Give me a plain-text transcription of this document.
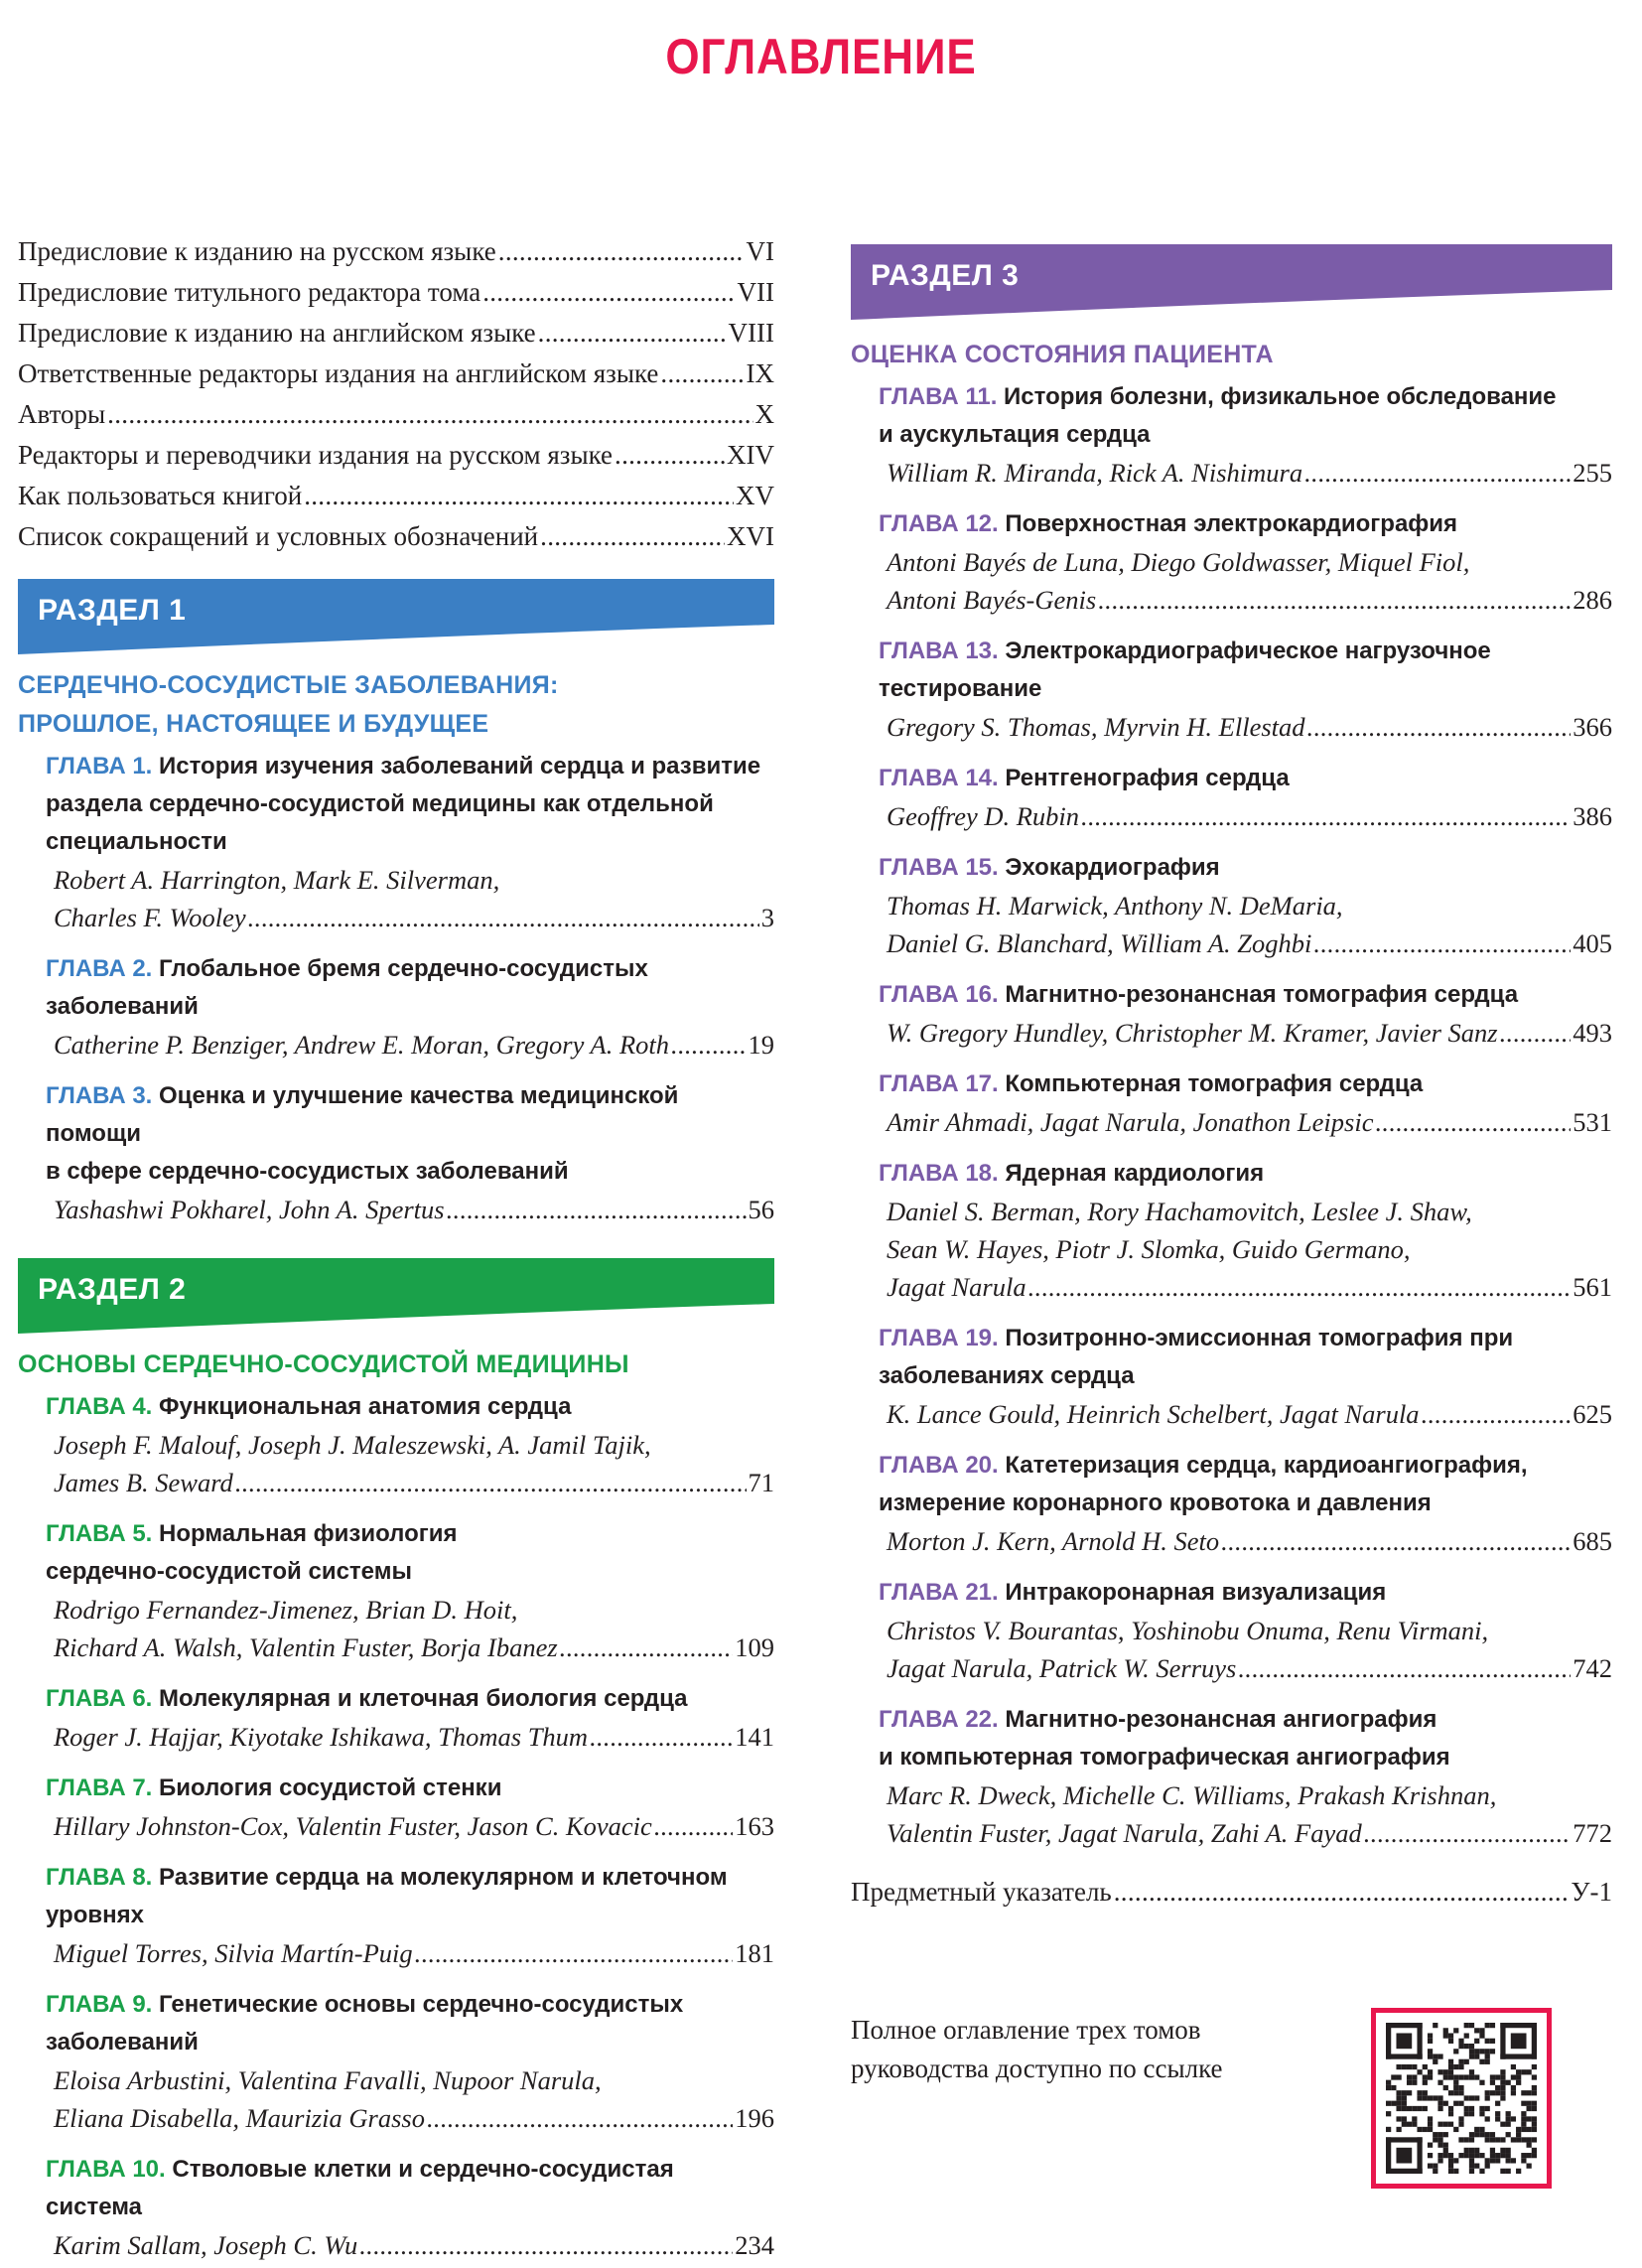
ОГЛАВЛЕНИЕ
Предисловие к изданию на русском языке .....	VI
Предисловие титульного редактора тома .....	VII
Предисловие к изданию на английском языке .....	VIII
Ответственные редакторы издания на английском языке .....	IX
Авторы .....	X
Редакторы и переводчики издания на русском языке .....	XIV
Как пользоваться книгой .....	XV
Список сокращений и условных обозначений .....	XVI
РАЗДЕЛ 1
СЕРДЕЧНО-СОСУДИСТЫЕ ЗАБОЛЕВАНИЯ:
ПРОШЛОЕ, НАСТОЯЩЕЕ И БУДУЩЕЕ
ГЛАВА 1. История изучения заболеваний сердца и развитие
раздела сердечно-сосудистой медицины как отдельной
специальности
Robert A. Harrington, Mark E. Silverman,
Charles F. Wooley .....	3
ГЛАВА 2. Глобальное бремя сердечно-сосудистых заболеваний
Catherine P. Benziger, Andrew E. Moran, Gregory A. Roth .....	19
ГЛАВА 3. Оценка и улучшение качества медицинской помощи
в сфере сердечно-сосудистых заболеваний
Yashashwi Pokharel, John A. Spertus .....	56
РАЗДЕЛ 2
ОСНОВЫ СЕРДЕЧНО-СОСУДИСТОЙ МЕДИЦИНЫ
ГЛАВА 4. Функциональная анатомия сердца
Joseph F. Malouf, Joseph J. Maleszewski, A. Jamil Tajik,
James B. Seward .....	71
ГЛАВА 5. Нормальная физиология
сердечно-сосудистой системы
Rodrigo Fernandez-Jimenez, Brian D. Hoit,
Richard A. Walsh, Valentin Fuster, Borja Ibanez .....	109
ГЛАВА 6. Молекулярная и клеточная биология сердца
Roger J. Hajjar, Kiyotake Ishikawa, Thomas Thum .....	141
ГЛАВА 7. Биология сосудистой стенки
Hillary Johnston-Cox, Valentin Fuster, Jason C. Kovacic .....	163
ГЛАВА 8. Развитие сердца на молекулярном и клеточном
уровнях
Miguel Torres, Silvia Martín-Puig .....	181
ГЛАВА 9. Генетические основы сердечно-сосудистых
заболеваний
Eloisa Arbustini, Valentina Favalli, Nupoor Narula,
Eliana Disabella, Maurizia Grasso .....	196
ГЛАВА 10. Стволовые клетки и сердечно-сосудистая система
Karim Sallam, Joseph C. Wu .....	234
РАЗДЕЛ 3
ОЦЕНКА СОСТОЯНИЯ ПАЦИЕНТА
ГЛАВА 11. История болезни, физикальное обследование
и аускультация сердца
William R. Miranda, Rick A. Nishimura .....	255
ГЛАВА 12. Поверхностная электрокардиография
Antoni Bayés de Luna, Diego Goldwasser, Miquel Fiol,
Antoni Bayés-Genis .....	286
ГЛАВА 13. Электрокардиографическое нагрузочное
тестирование
Gregory S. Thomas, Myrvin H. Ellestad .....	366
ГЛАВА 14. Рентгенография сердца
Geoffrey D. Rubin .....	386
ГЛАВА 15. Эхокардиография
Thomas H. Marwick, Anthony N. DeMaria,
Daniel G. Blanchard, William A. Zoghbi .....	405
ГЛАВА 16. Магнитно-резонансная томография сердца
W. Gregory Hundley, Christopher M. Kramer, Javier Sanz .....	493
ГЛАВА 17. Компьютерная томография сердца
Amir Ahmadi, Jagat Narula, Jonathon Leipsic .....	531
ГЛАВА 18. Ядерная кардиология
Daniel S. Berman, Rory Hachamovitch, Leslee J. Shaw,
Sean W. Hayes, Piotr J. Slomka, Guido Germano,
Jagat Narula .....	561
ГЛАВА 19. Позитронно-эмиссионная томография при
заболеваниях сердца
K. Lance Gould, Heinrich Schelbert, Jagat Narula .....	625
ГЛАВА 20. Катетеризация сердца, кардиоангиография,
измерение коронарного кровотока и давления
Morton J. Kern, Arnold H. Seto .....	685
ГЛАВА 21. Интракоронарная визуализация
Christos V. Bourantas, Yoshinobu Onuma, Renu Virmani,
Jagat Narula, Patrick W. Serruys .....	742
ГЛАВА 22. Магнитно-резонансная ангиография
и компьютерная томографическая ангиография
Marc R. Dweck, Michelle C. Williams, Prakash Krishnan,
Valentin Fuster, Jagat Narula, Zahi A. Fayad .....	772
Предметный указатель .....	У-1
Полное оглавление трех томов
руководства доступно по ссылке
